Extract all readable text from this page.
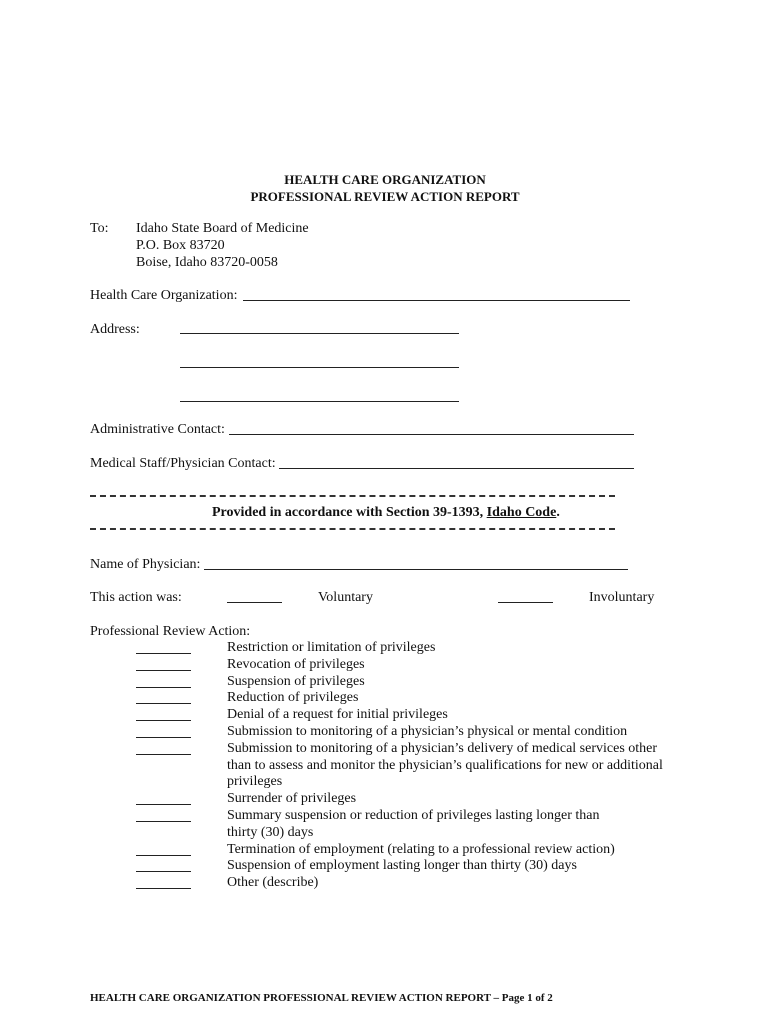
HEALTH CARE ORGANIZATION
PROFESSIONAL REVIEW ACTION REPORT
To: Idaho State Board of Medicine
P.O. Box 83720
Boise, Idaho 83720-0058
Health Care Organization:
Address:
Administrative Contact:
Medical Staff/Physician Contact:
Provided in accordance with Section 39-1393, Idaho Code.
Name of Physician:
This action was:	Voluntary	Involuntary
Professional Review Action:
Restriction or limitation of privileges
Revocation of privileges
Suspension of privileges
Reduction of privileges
Denial of a request for initial privileges
Submission to monitoring of a physician’s physical or mental condition
Submission to monitoring of a physician’s delivery of medical services other
than to assess and monitor the physician’s qualifications for new or additional
privileges
Surrender of privileges
Summary suspension or reduction of privileges lasting longer than
thirty (30) days
Termination of employment (relating to a professional review action)
Suspension of employment lasting longer than thirty (30) days
Other (describe)
HEALTH CARE ORGANIZATION PROFESSIONAL REVIEW ACTION REPORT – Page 1 of 2
